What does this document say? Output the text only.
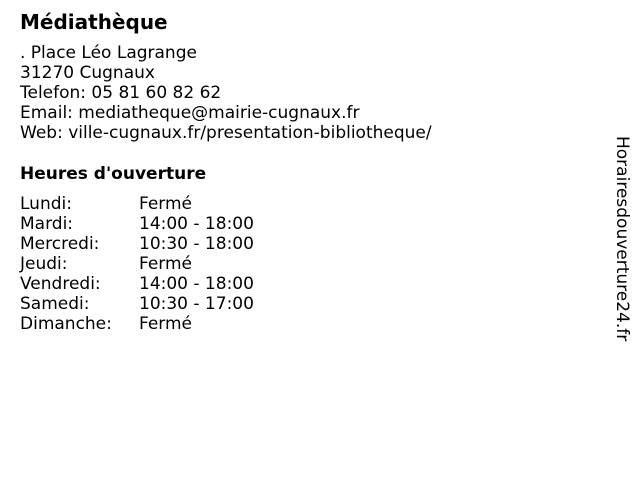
Médiathèque
. Place Léo Lagrange
31270 Cugnaux
Telefon: 05 81 60 82 62
Email: mediatheque@mairie-cugnaux.fr
Web: ville-cugnaux.fr/presentation-bibliotheque/
Heures d'ouverture
Lundi:	Fermé
Mardi:	14:00 - 18:00
Mercredi:	10:30 - 18:00
Jeudi:	Fermé
Vendredi:	14:00 - 18:00
Samedi:	10:30 - 17:00
Dimanche:	Fermé	Horairesdouverture24.fr
